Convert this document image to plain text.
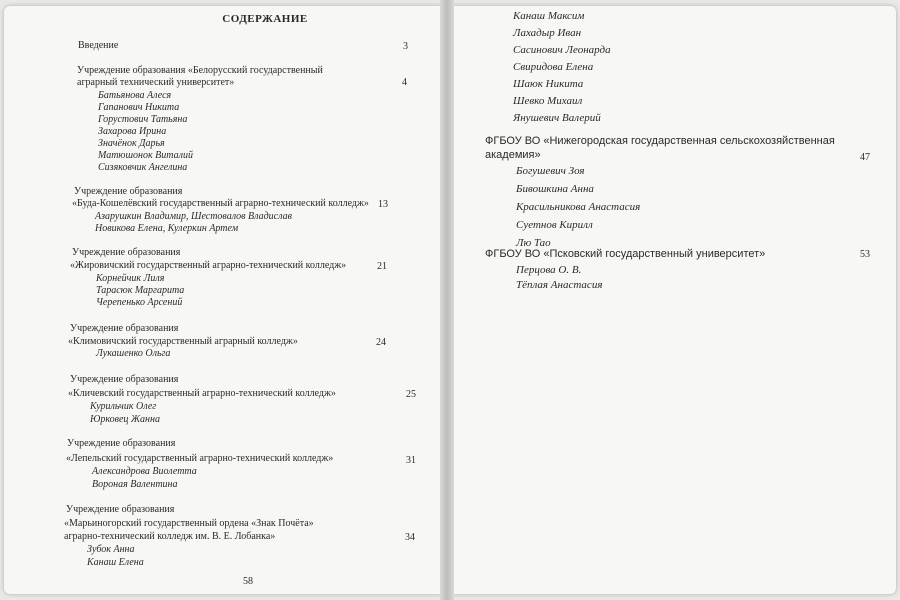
СОДЕРЖАНИЕ
Введение	3
Учреждение образования «Белорусский государственный
аграрный технический университет»	4
Батьянова Алеся
Гапанович Никита
Горустович Татьяна
Захарова Ирина
Значёнок Дарья
Матюшонок Виталий
Сизяковчик Ангелина
Учреждение образования
«Буда-Кошелёвский государственный аграрно-технический колледж» 13
Азарушкин Владимир, Шестовалов Владислав
Новикова Елена, Кулеркин Артем
Учреждение образования
«Жировичский государственный аграрно-технический колледж»	21
Корнейчик Лиля
Тарасюк Маргарита
Черепенько Арсений
Учреждение образования
«Климовичский государственный аграрный колледж»	24
Лукашенко Ольга
Учреждение образования
«Кличевский государственный аграрно-технический колледж»	25
Курильчик Олег
Юрковец Жанна
Учреждение образования
«Лепельский государственный аграрно-технический колледж»	31
Александрова Виолетта
Вороная Валентина
Учреждение образования
«Марьиногорский государственный ордена «Знак Почёта»
аграрно-технический колледж им. В. Е. Лобанка»	34
Зубок Анна
Канаш Елена
58
Канаш Максим
Лахадыр Иван
Сасинович Леонарда
Свиридова Елена
Шаюк Никита
Шевко Михаил
Янушевич Валерий
ФГБОУ ВО «Нижегородская государственная сельскохозяйственная
академия»	47
Богушевич Зоя
Бивошкина Анна
Красильникова Анастасия
Суетнов Кирилл
Лю Тао
ФГБОУ ВО «Псковский государственный университет»	53
Перцова О. В.
Тёплая Анастасия
